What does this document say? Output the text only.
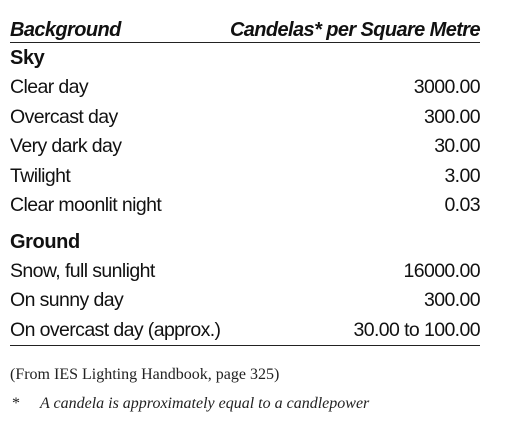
Background	Candelas* per Square Metre
Sky
Clear day	3000.00
Overcast day	300.00
Very dark day	30.00
Twilight	3.00
Clear moonlit night	0.03
Ground
Snow, full sunlight	16000.00
On sunny day	300.00
On overcast day (approx.)	30.00 to 100.00
(From IES Lighting Handbook, page 325)
* A candela is approximately equal to a candlepower
